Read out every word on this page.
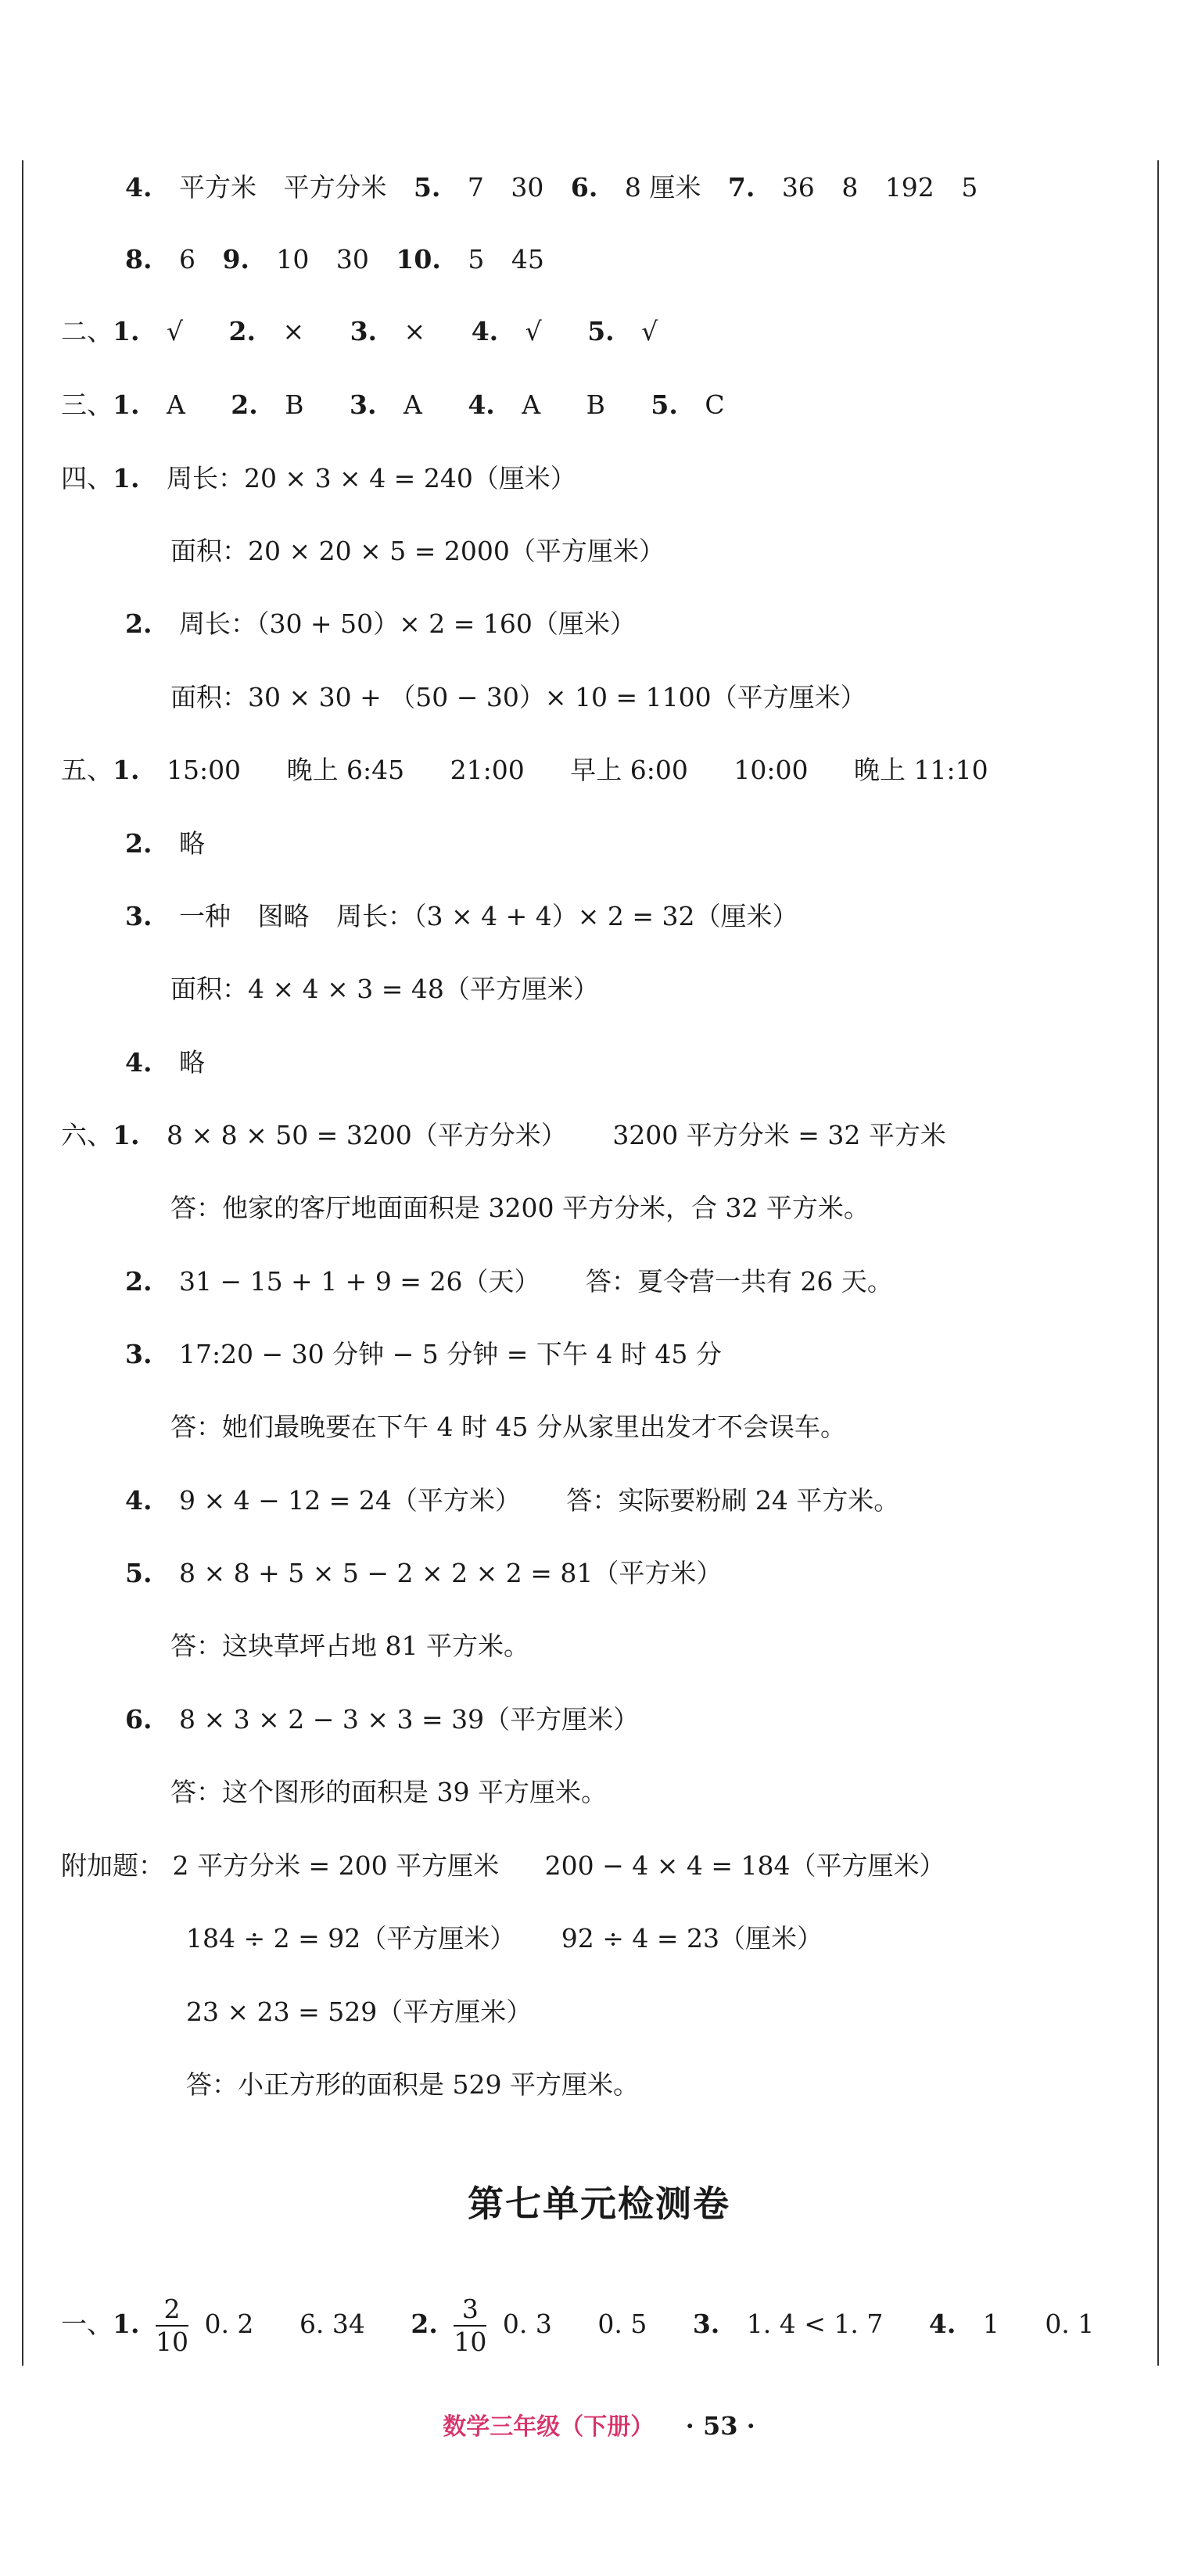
4. 平方米 平方分米 5. 7 30 6. 8 厘米 7. 36 8 192 5
8. 6 9. 10 30 10. 5 45
二、1. √ 2. × 3. × 4. √ 5. √
三、1. A 2. B 3. A 4. A B 5. C
四、1. 周长：20 × 3 × 4 = 240（厘米）
面积：20 × 20 × 5 = 2000（平方厘米）
2. 周长：（30 + 50）× 2 = 160（厘米）
面积：30 × 30 + （50 − 30）× 10 = 1100（平方厘米）
五、1. 15:00 晚上 6:45 21:00 早上 6:00 10:00 晚上 11:10
2. 略
3. 一种 图略 周长：（3 × 4 + 4）× 2 = 32（厘米）
面积：4 × 4 × 3 = 48（平方厘米）
4. 略
六、1. 8 × 8 × 50 = 3200（平方分米） 3200 平方分米 = 32 平方米
答：他家的客厅地面面积是 3200 平方分米，合 32 平方米。
2. 31 − 15 + 1 + 9 = 26（天） 答：夏令营一共有 26 天。
3. 17:20 − 30 分钟 − 5 分钟 = 下午 4 时 45 分
答：她们最晚要在下午 4 时 45 分从家里出发才不会误车。
4. 9 × 4 − 12 = 24（平方米） 答：实际要粉刷 24 平方米。
5. 8 × 8 + 5 × 5 − 2 × 2 × 2 = 81（平方米）
答：这块草坪占地 81 平方米。
6. 8 × 3 × 2 − 3 × 3 = 39（平方厘米）
答：这个图形的面积是 39 平方厘米。
附加题： 2 平方分米 = 200 平方厘米 200 − 4 × 4 = 184（平方厘米）
184 ÷ 2 = 92（平方厘米） 92 ÷ 4 = 23（厘米）
23 × 23 = 529（平方厘米）
答：小正方形的面积是 529 平方厘米。
第七单元检测卷
一、1. $\frac{2}{10} 0$. 2 6. 34 2. $\frac{3}{10} 0$. 3 0. 5 3. 1. 4 < 1. 7 4. 1 0. 1
数学三年级（下册） · 53 ·
